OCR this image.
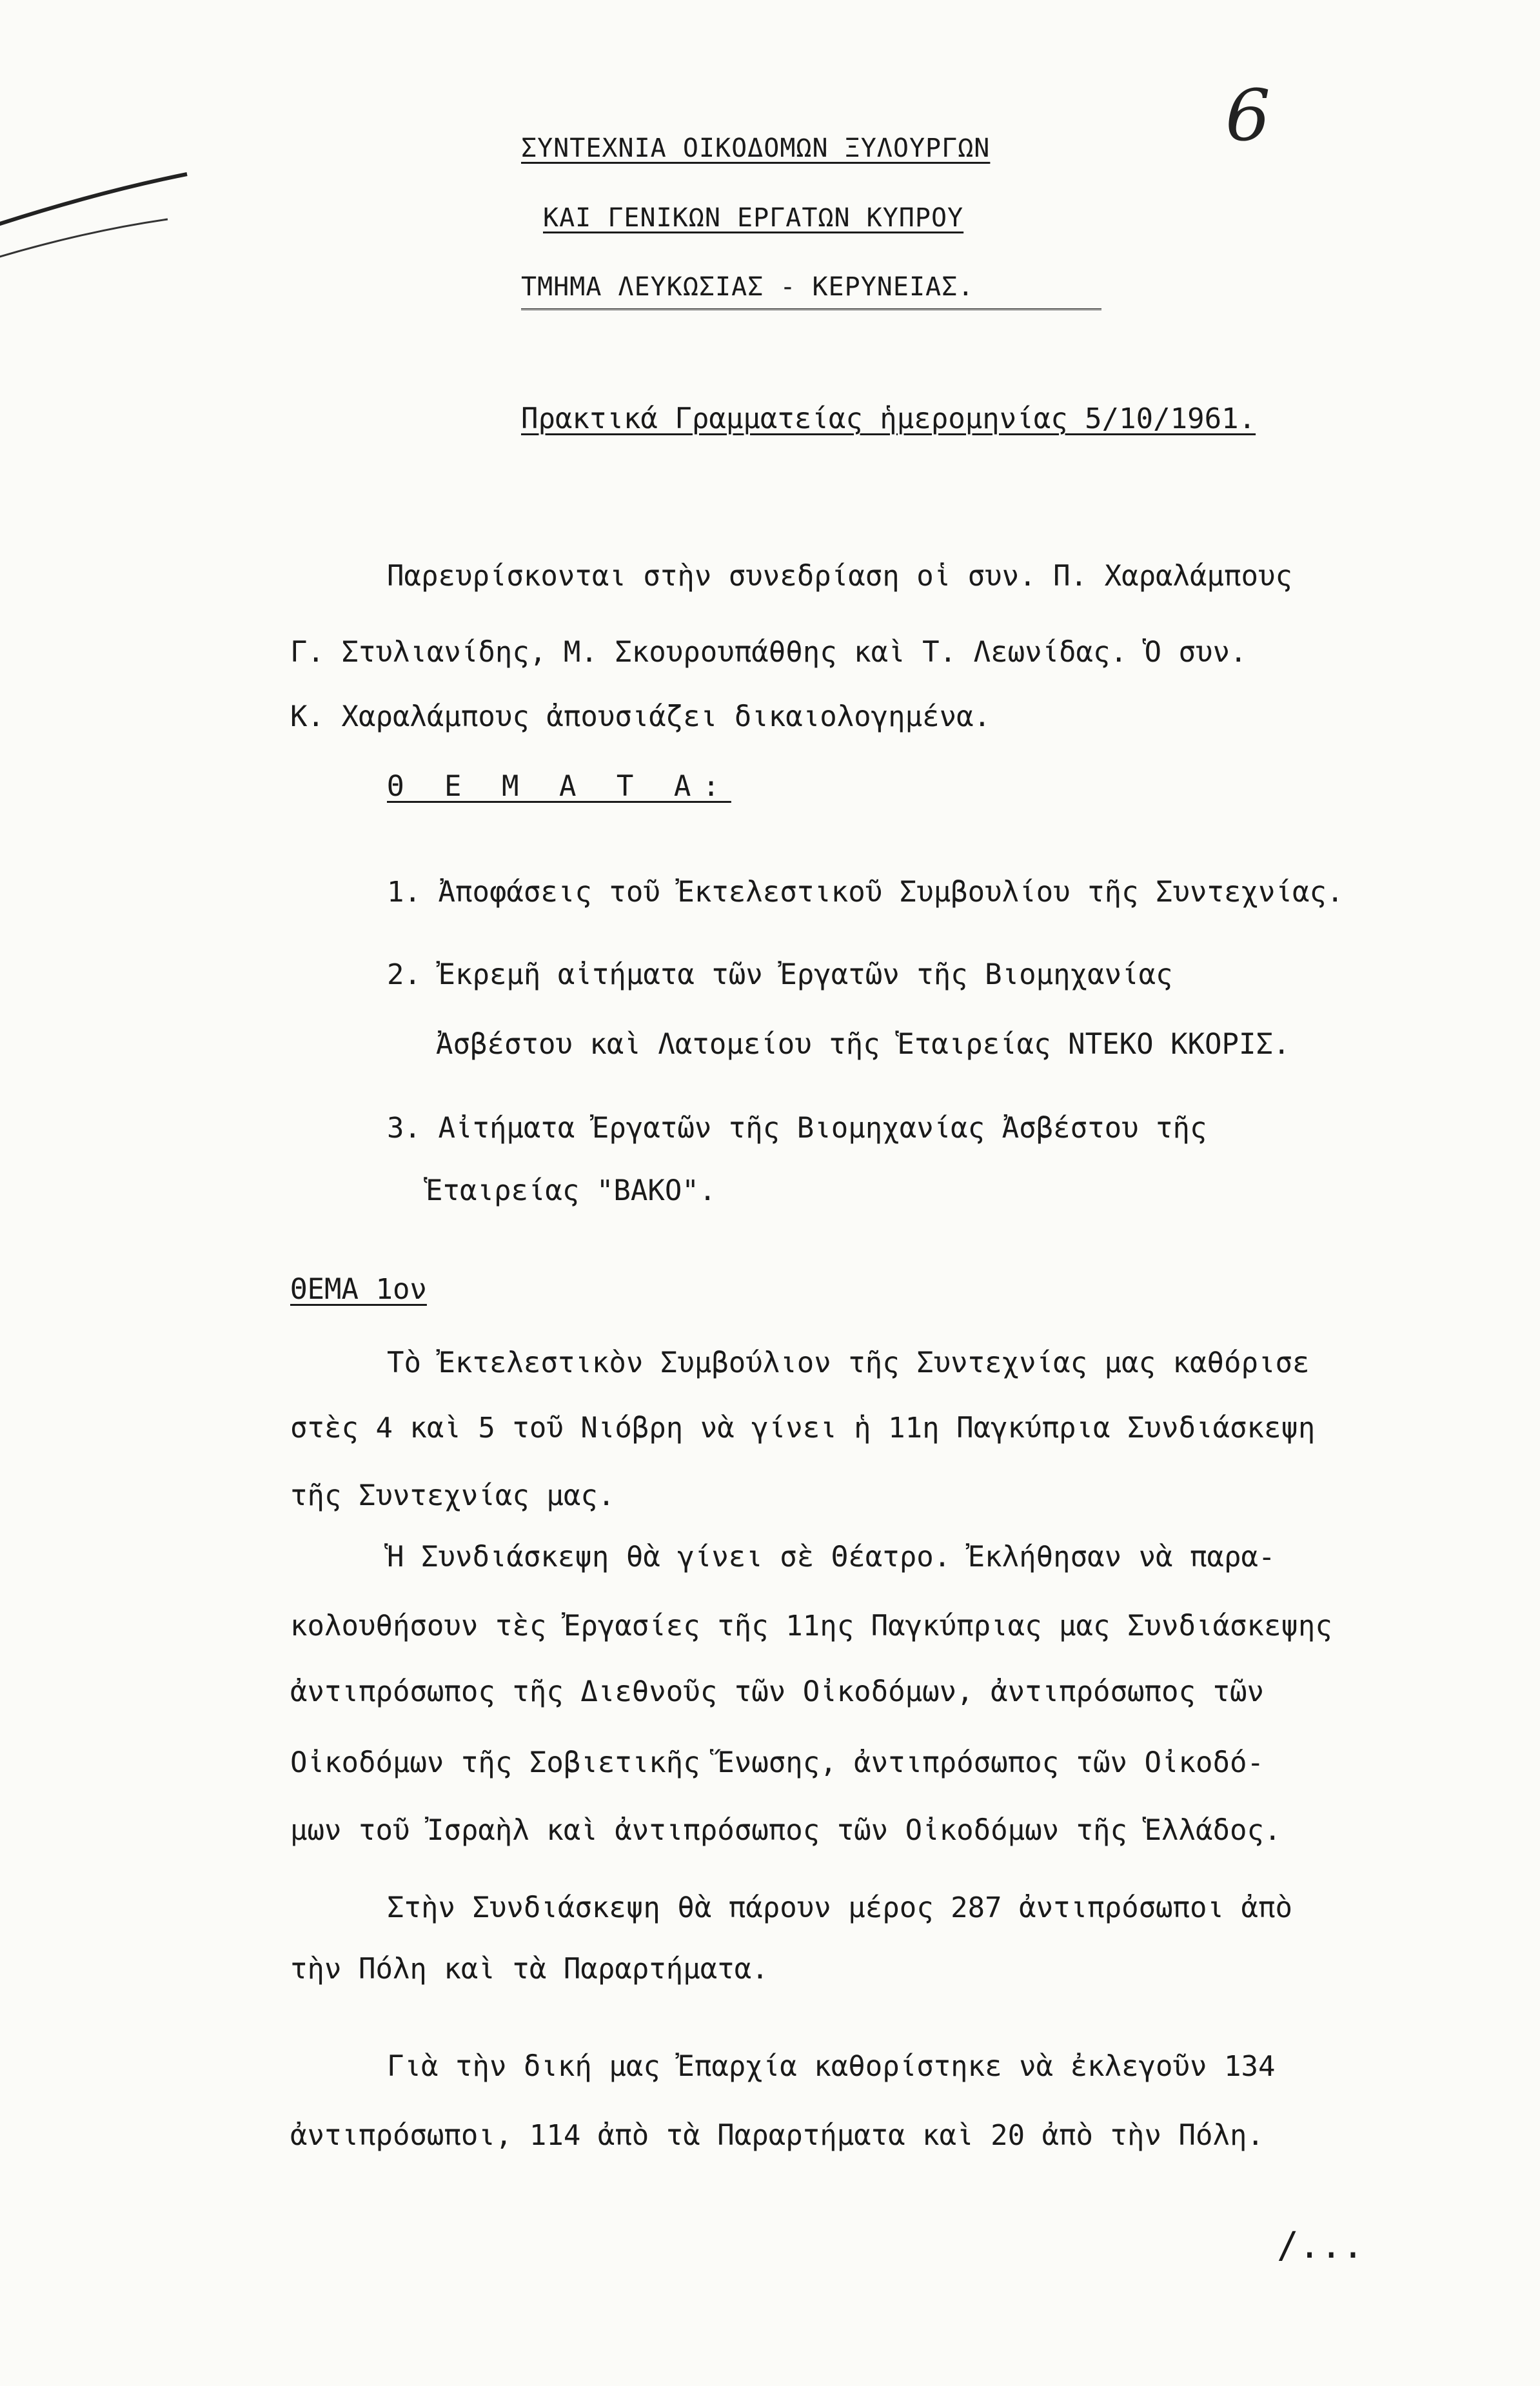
6
ΣΥΝΤΕΧΝΙΑ ΟΙΚΟΔΟΜΩΝ ΞΥΛΟΥΡΓΩΝ
ΚΑΙ ΓΕΝΙΚΩΝ ΕΡΓΑΤΩΝ ΚΥΠΡΟΥ
ΤΜΗΜΑ ΛΕΥΚΩΣΙΑΣ - ΚΕΡΥΝΕΙΑΣ.
Πρακτικά Γραμματείας ἡμερομηνίας 5/10/1961.
Παρευρίσκονται στὴν συνεδρίαση οἱ συν. Π. Χαραλάμπους
Γ. Στυλιανίδης, Μ. Σκουρουπάθθης καὶ Τ. Λεωνίδας. Ὁ συν.
Κ. Χαραλάμπους ἀπουσιάζει δικαιολογημένα.
Θ Ε Μ Α Τ Α:
1. Ἀποφάσεις τοῦ Ἐκτελεστικοῦ Συμβουλίου τῆς Συντεχνίας.
2. Ἐκρεμῆ αἰτήματα τῶν Ἐργατῶν τῆς Βιομηχανίας
Ἀσβέστου καὶ Λατομείου τῆς Ἑταιρείας ΝΤΕΚΟ ΚΚΟΡΙΣ.
3. Αἰτήματα Ἐργατῶν τῆς Βιομηχανίας Ἀσβέστου τῆς
Ἑταιρείας "ΒΑΚΟ".
ΘΕΜΑ 1ον
Τὸ Ἐκτελεστικὸν Συμβούλιον τῆς Συντεχνίας μας καθόρισε
στὲς 4 καὶ 5 τοῦ Νιόβρη νὰ γίνει ἡ 11η Παγκύπρια Συνδιάσκεψη
τῆς Συντεχνίας μας.
Ἡ Συνδιάσκεψη θὰ γίνει σὲ Θέατρο. Ἐκλήθησαν νὰ παρα-
κολουθήσουν τὲς Ἐργασίες τῆς 11ης Παγκύπριας μας Συνδιάσκεψης
ἀντιπρόσωπος τῆς Διεθνοῦς τῶν Οἰκοδόμων, ἀντιπρόσωπος τῶν
Οἰκοδόμων τῆς Σοβιετικῆς Ἕνωσης, ἀντιπρόσωπος τῶν Οἰκοδό-
μων τοῦ Ἰσραὴλ καὶ ἀντιπρόσωπος τῶν Οἰκοδόμων τῆς Ἑλλάδος.
Στὴν Συνδιάσκεψη θὰ πάρουν μέρος 287 ἀντιπρόσωποι ἀπὸ
τὴν Πόλη καὶ τὰ Παραρτήματα.
Γιὰ τὴν δική μας Ἐπαρχία καθορίστηκε νὰ ἐκλεγοῦν 134
ἀντιπρόσωποι, 114 ἀπὸ τὰ Παραρτήματα καὶ 20 ἀπὸ τὴν Πόλη.
/...
